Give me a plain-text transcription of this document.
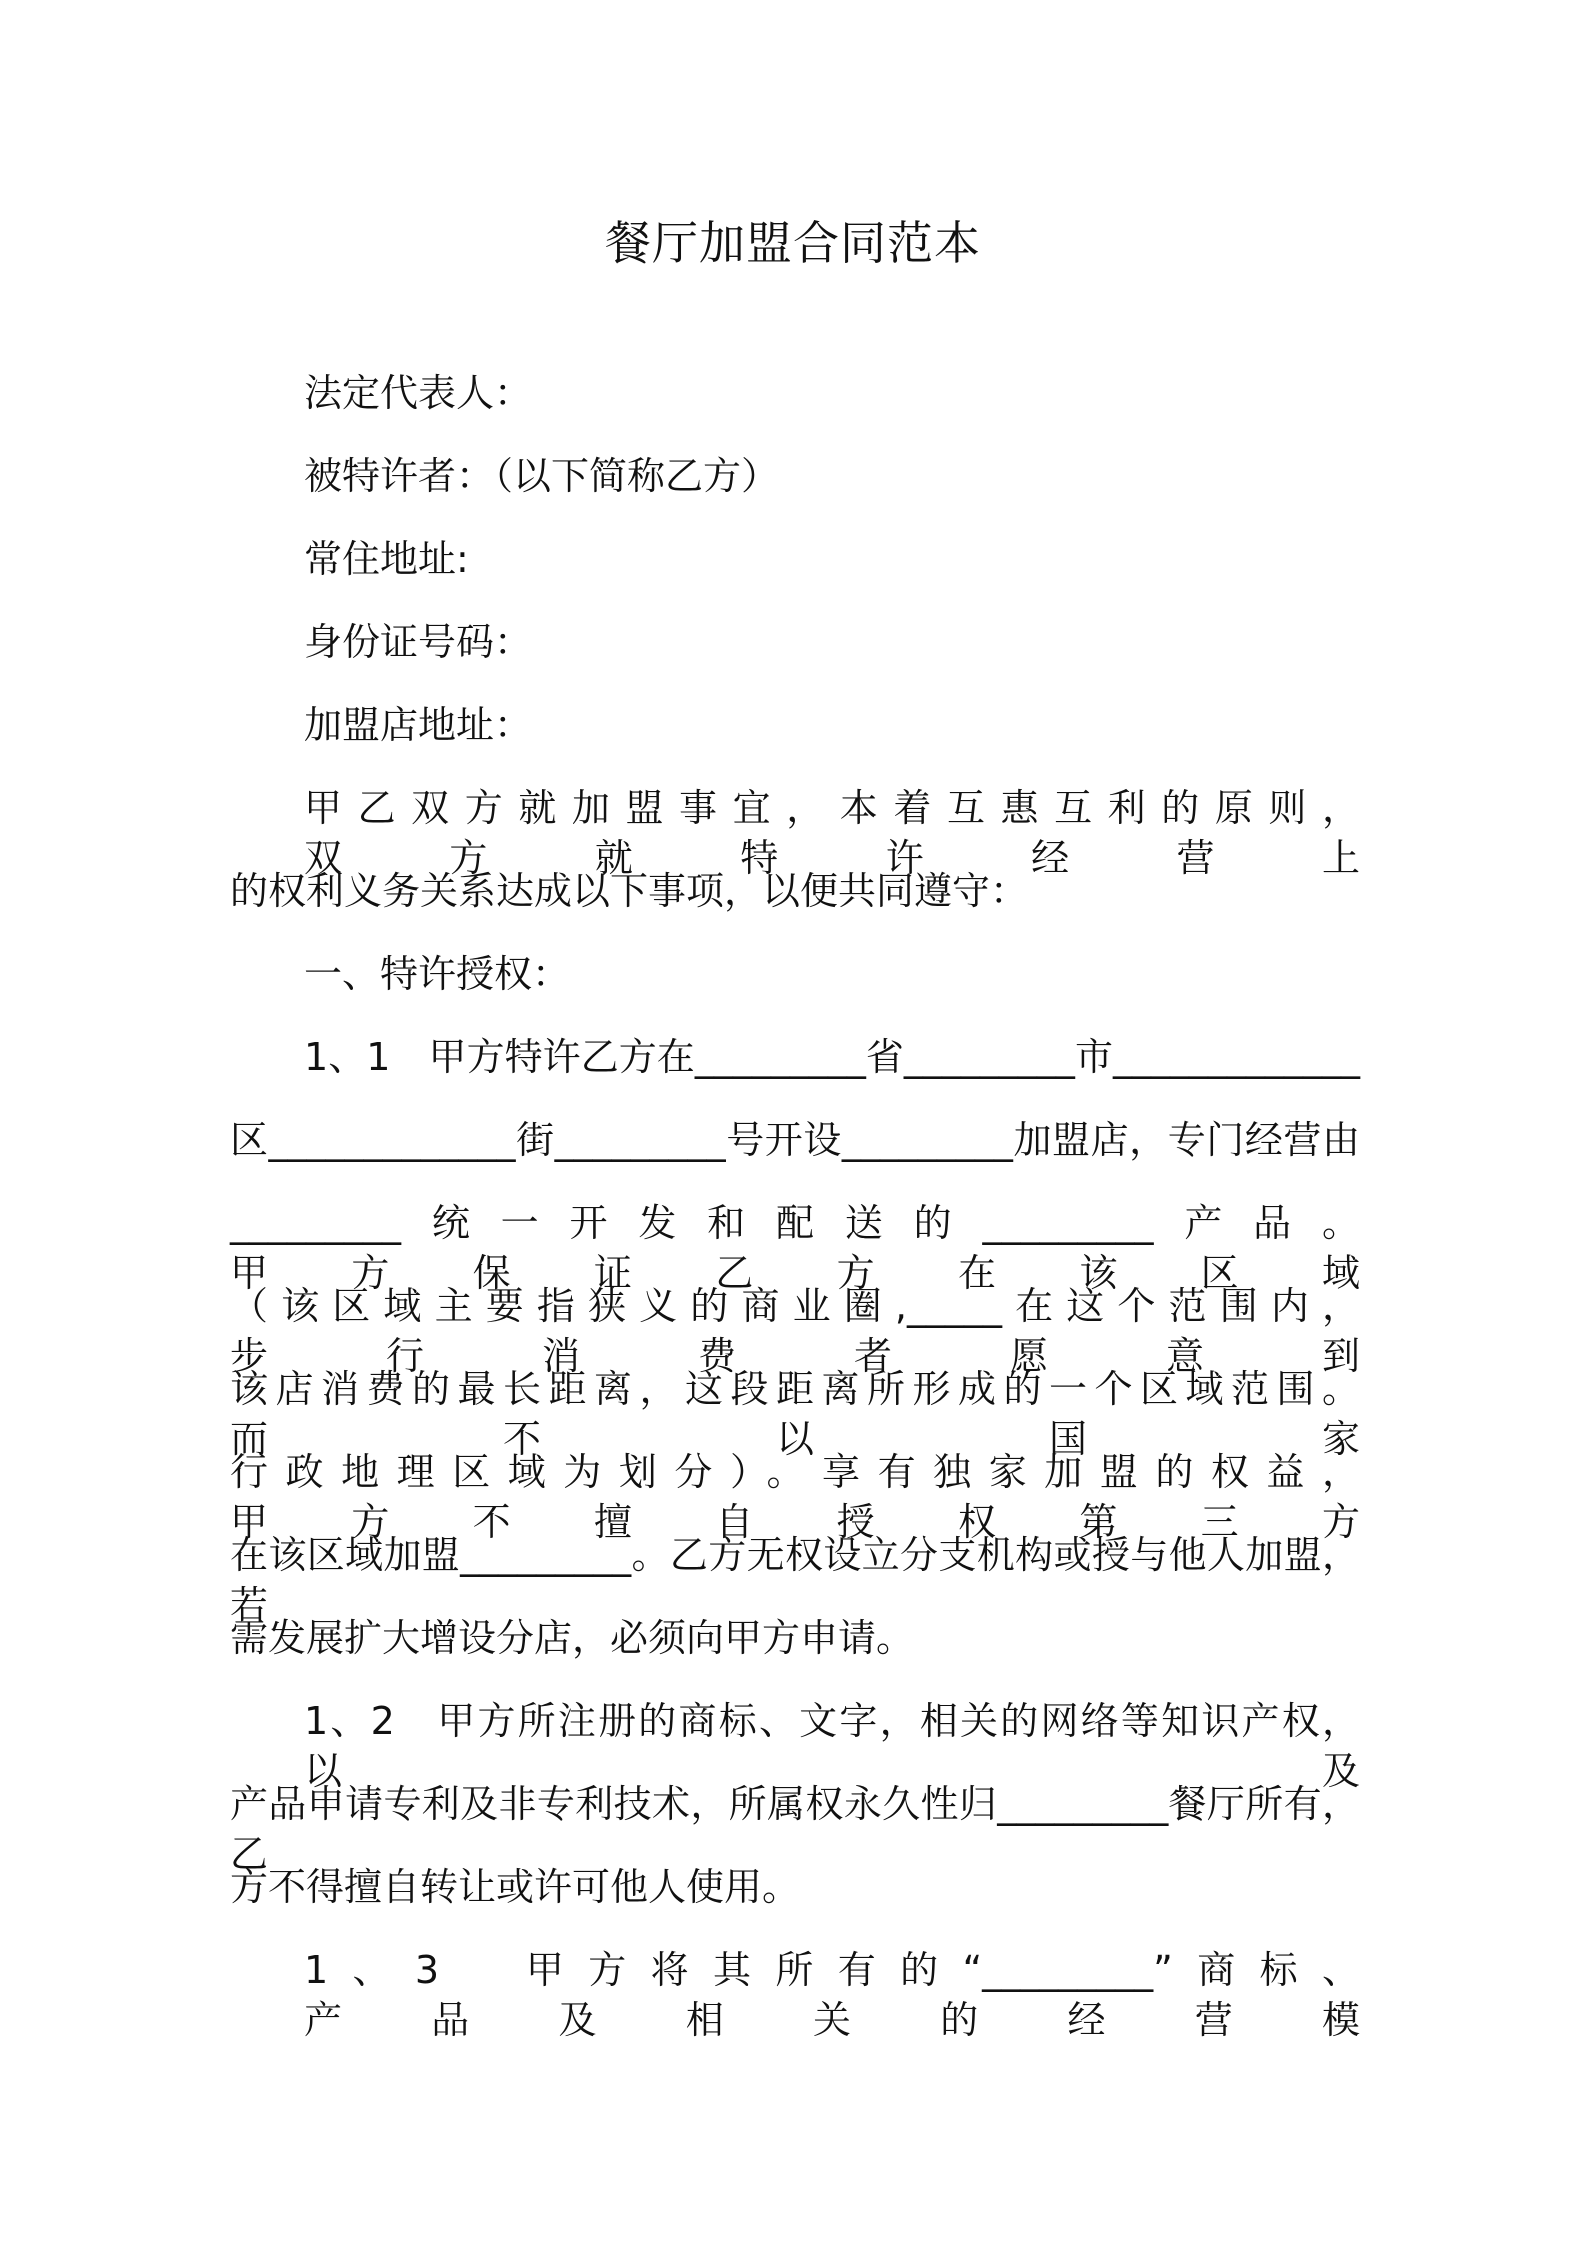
餐厅加盟合同范本
法定代表人：
被特许者：（以下简称乙方）
常住地址:
身份证号码：
加盟店地址：
甲乙双方就加盟事宜，本着互惠互利的原则，双方就特许经营上
的权利义务关系达成以下事项，以便共同遵守：
一、特许授权：
1、1　甲方特许乙方在_________省_________市_____________
区_____________街_________号开设_________加盟店，专门经营由
_________统一开发和配送的_________产品。甲方保证乙方在该区域
（该区域主要指狭义的商业圈,_____在这个范围内，步行消费者愿意到
该店消费的最长距离，这段距离所形成的一个区域范围。而不以国家
行政地理区域为划分）。享有独家加盟的权益，甲方不擅自授权第三方
在该区域加盟_________。乙方无权设立分支机构或授与他人加盟，若
需发展扩大增设分店，必须向甲方申请。
1、2　甲方所注册的商标、文字，相关的网络等知识产权，以及
产品申请专利及非专利技术，所属权永久性归_________餐厅所有，乙
方不得擅自转让或许可他人使用。
1、3　甲方将其所有的“_________”商标、产品及相关的经营模
